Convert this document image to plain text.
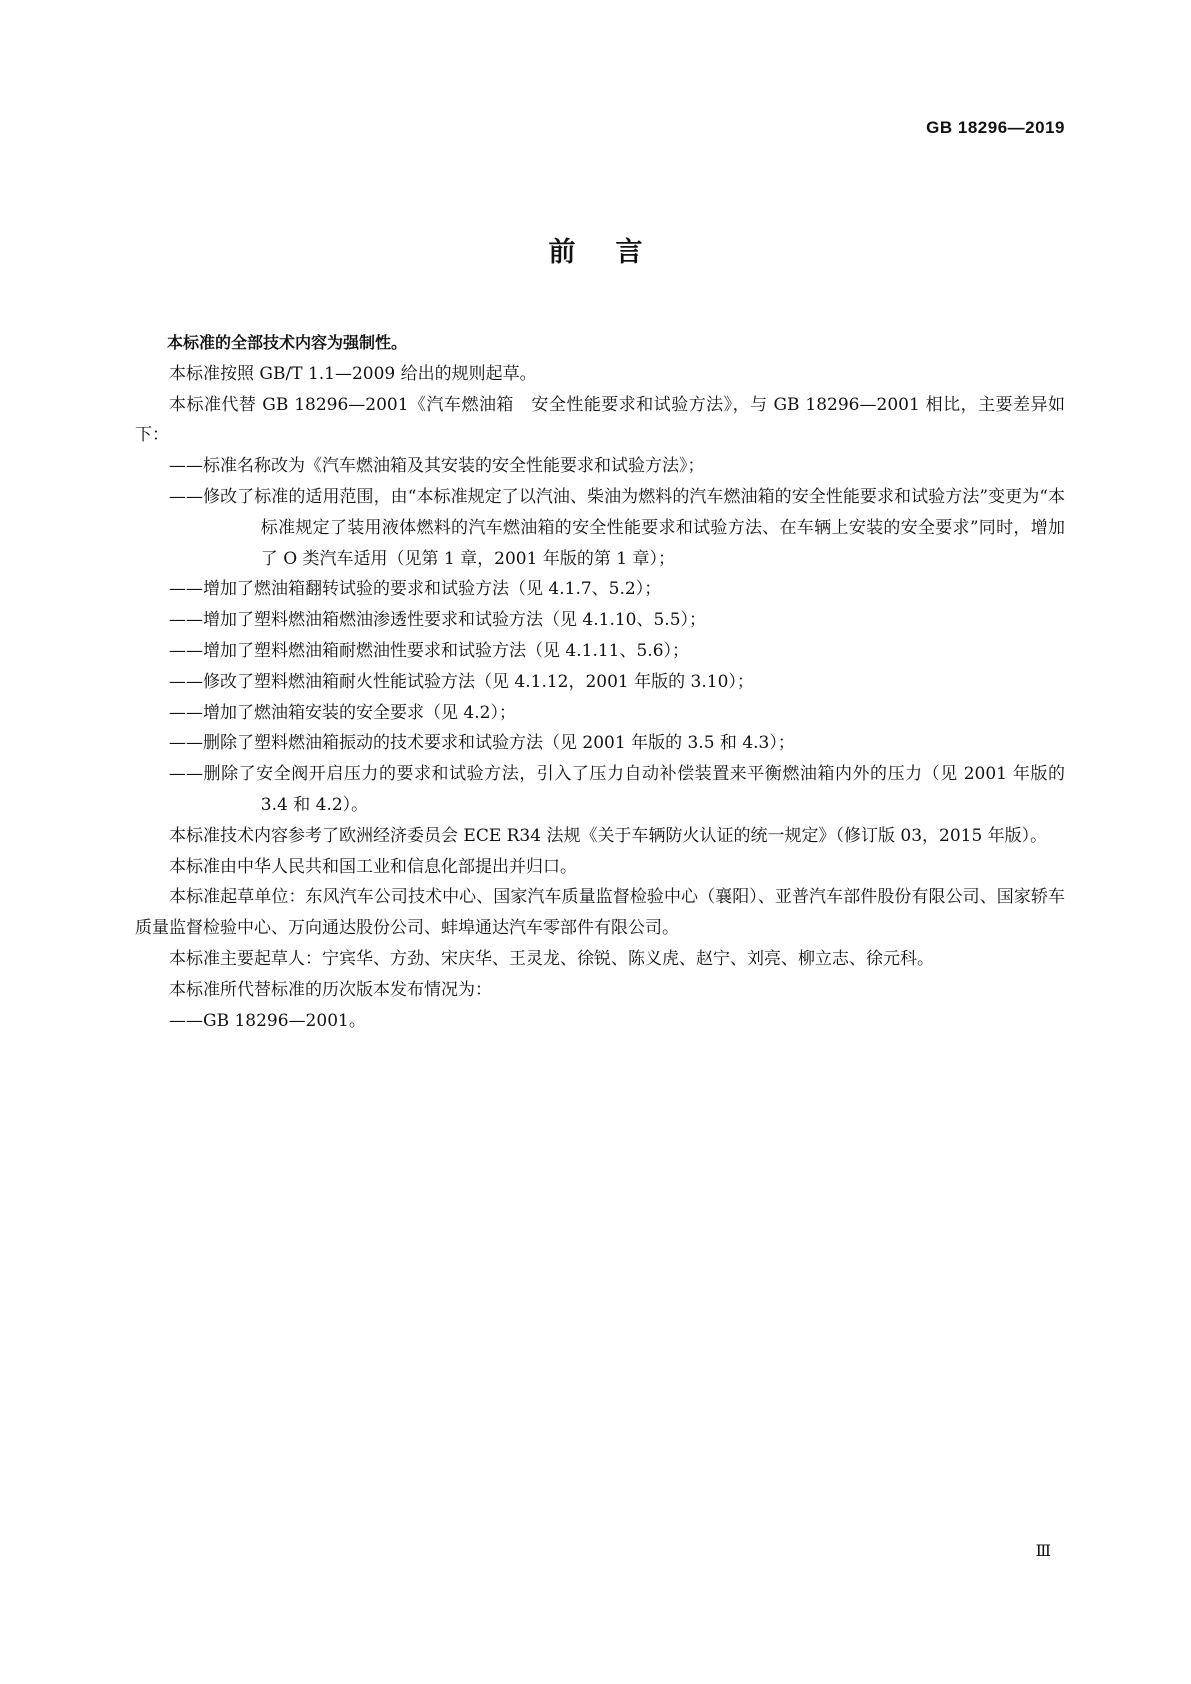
GB 18296—2019
前言

本标准的全部技术内容为强制性。

本标准按照 GB/T 1.1—2009 给出的规则起草。

本标准代替 GB 18296—2001《汽车燃油箱　安全性能要求和试验方法》，与 GB 18296—2001 相比，主要差异如下：

——标准名称改为《汽车燃油箱及其安装的安全性能要求和试验方法》；

——修改了标准的适用范围，由“本标准规定了以汽油、柴油为燃料的汽车燃油箱的安全性能要求和试验方法”变更为“本标准规定了装用液体燃料的汽车燃油箱的安全性能要求和试验方法、在车辆上安装的安全要求”同时，增加了 O 类汽车适用（见第 1 章，2001 年版的第 1 章）；

——增加了燃油箱翻转试验的要求和试验方法（见 4.1.7、5.2）；

——增加了塑料燃油箱燃油渗透性要求和试验方法（见 4.1.10、5.5）；

——增加了塑料燃油箱耐燃油性要求和试验方法（见 4.1.11、5.6）；

——修改了塑料燃油箱耐火性能试验方法（见 4.1.12，2001 年版的 3.10）；

——增加了燃油箱安装的安全要求（见 4.2）；

——删除了塑料燃油箱振动的技术要求和试验方法（见 2001 年版的 3.5 和 4.3）；

——删除了安全阀开启压力的要求和试验方法，引入了压力自动补偿装置来平衡燃油箱内外的压力（见 2001 年版的 3.4 和 4.2）。

本标准技术内容参考了欧洲经济委员会 ECE R34 法规《关于车辆防火认证的统一规定》（修订版 03，2015 年版）。

本标准由中华人民共和国工业和信息化部提出并归口。

本标准起草单位：东风汽车公司技术中心、国家汽车质量监督检验中心（襄阳）、亚普汽车部件股份有限公司、国家轿车质量监督检验中心、万向通达股份公司、蚌埠通达汽车零部件有限公司。

本标准主要起草人：宁宾华、方劲、宋庆华、王灵龙、徐锐、陈义虎、赵宁、刘亮、柳立志、徐元科。

本标准所代替标准的历次版本发布情况为：

——GB 18296—2001。

Ⅲ
